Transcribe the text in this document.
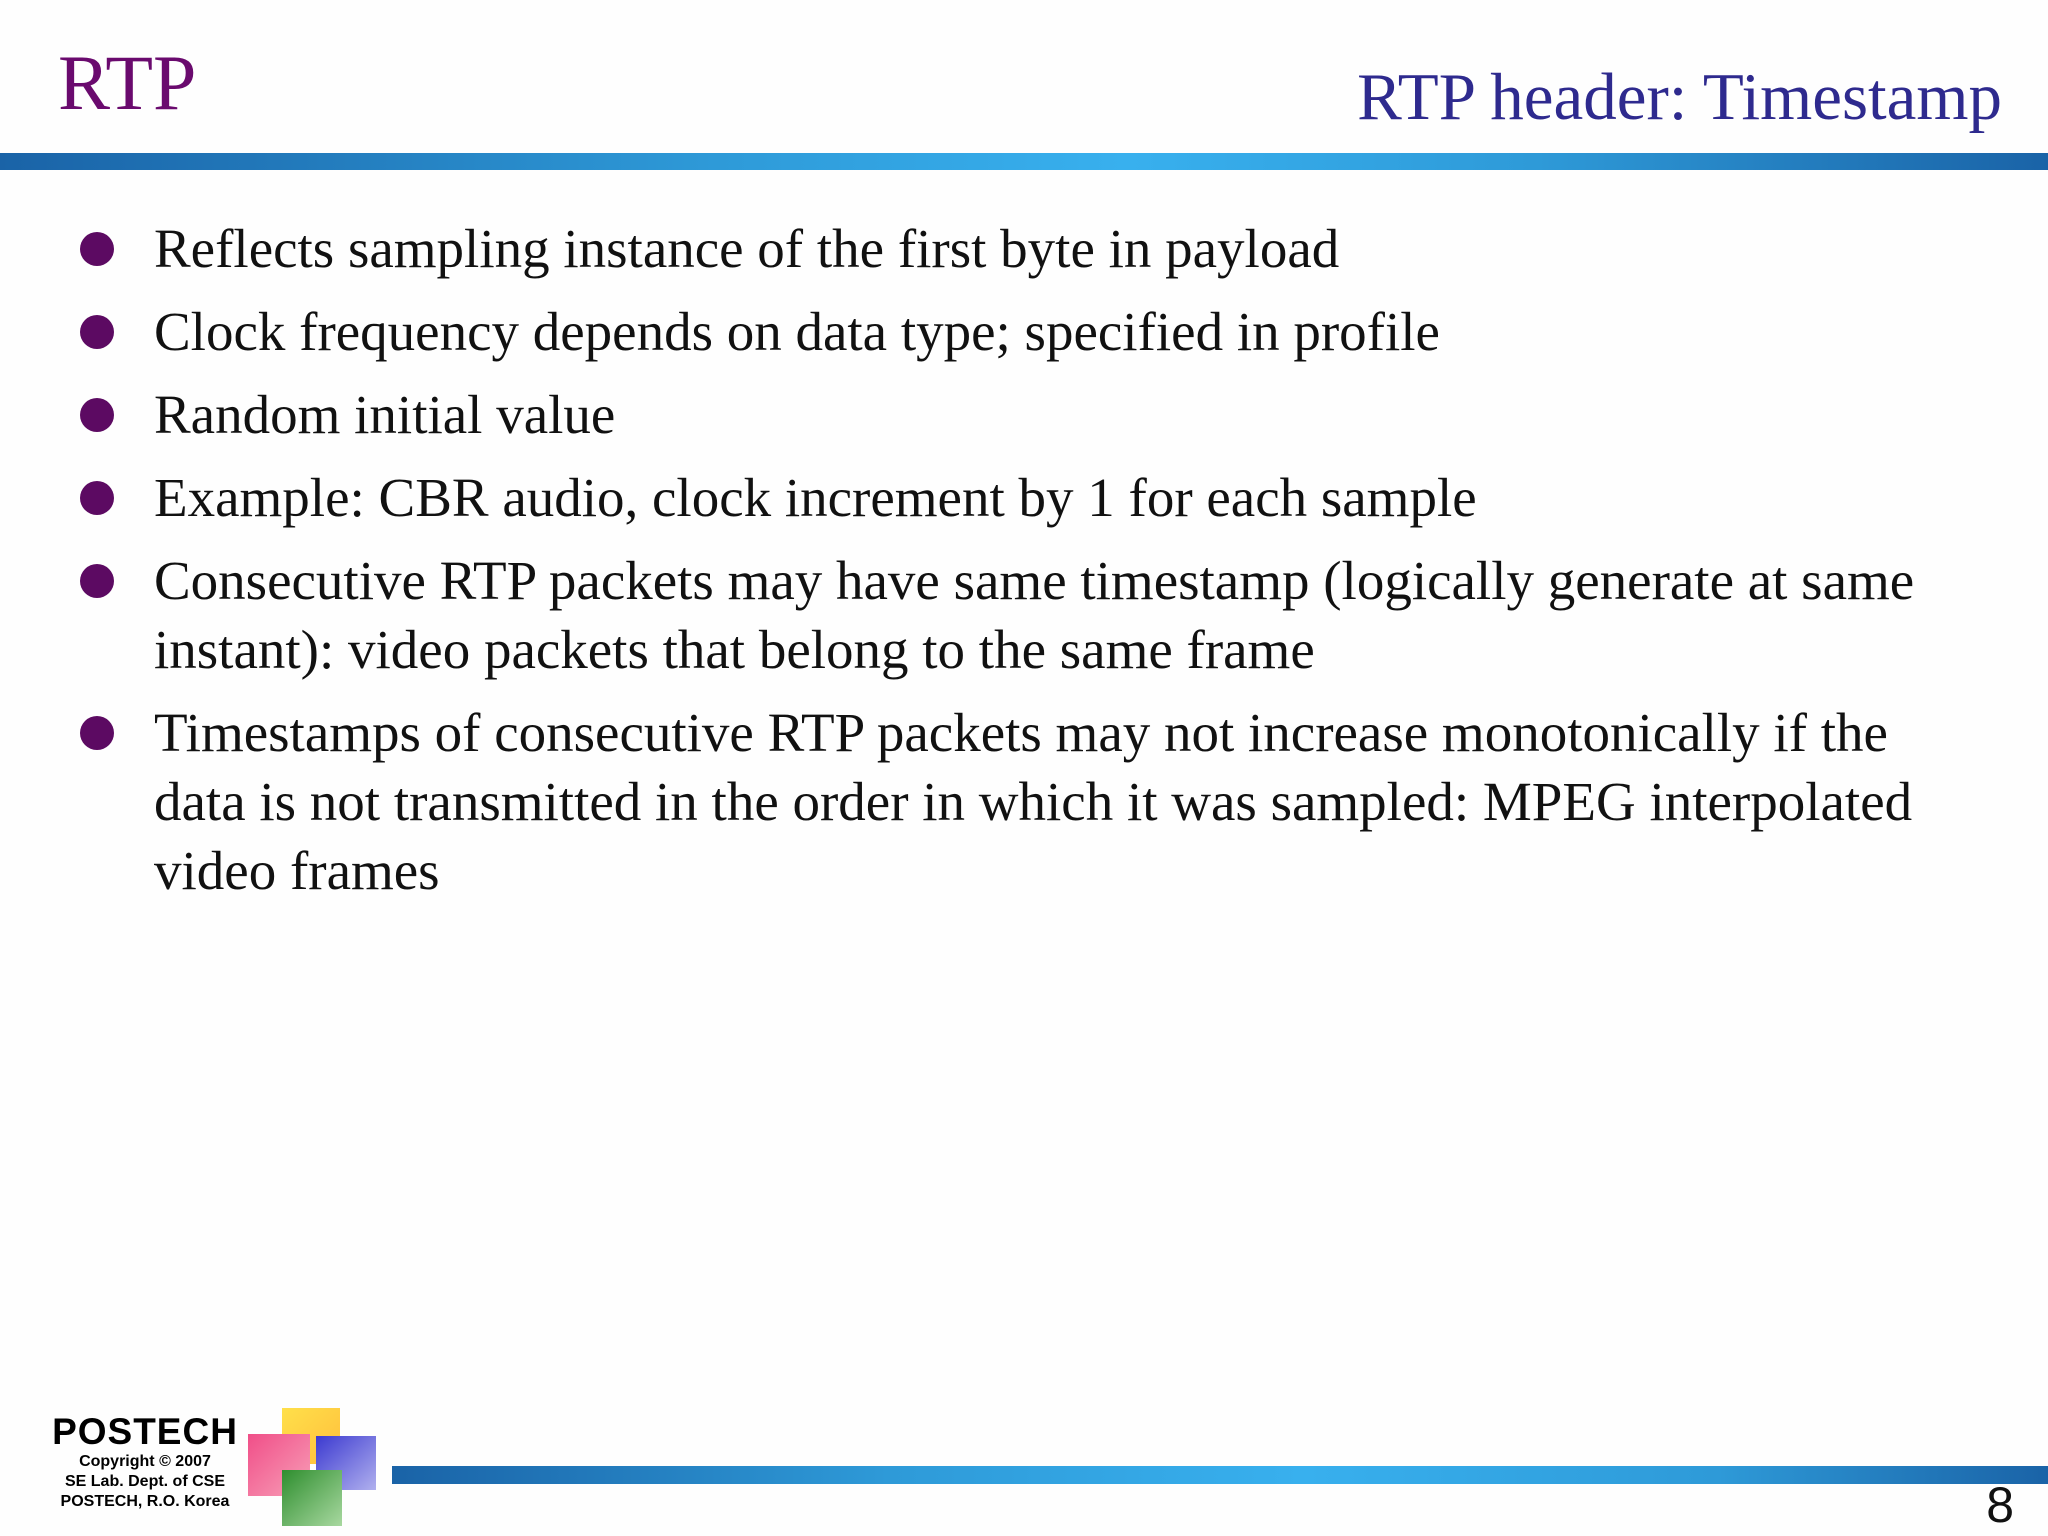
RTP	RTP header: Timestamp
Reflects sampling instance of the first byte in payload
Clock frequency depends on data type; specified in profile
Random initial value
Example: CBR audio, clock increment by 1 for each sample
Consecutive RTP packets may have same timestamp (logically generate at same instant): video packets that belong to the same frame
Timestamps of consecutive RTP packets may not increase monotonically if the data is not transmitted in the order in which it was sampled: MPEG interpolated video frames
POSTECH
Copyright © 2007
SE Lab. Dept. of CSE
POSTECH, R.O. Korea	8
